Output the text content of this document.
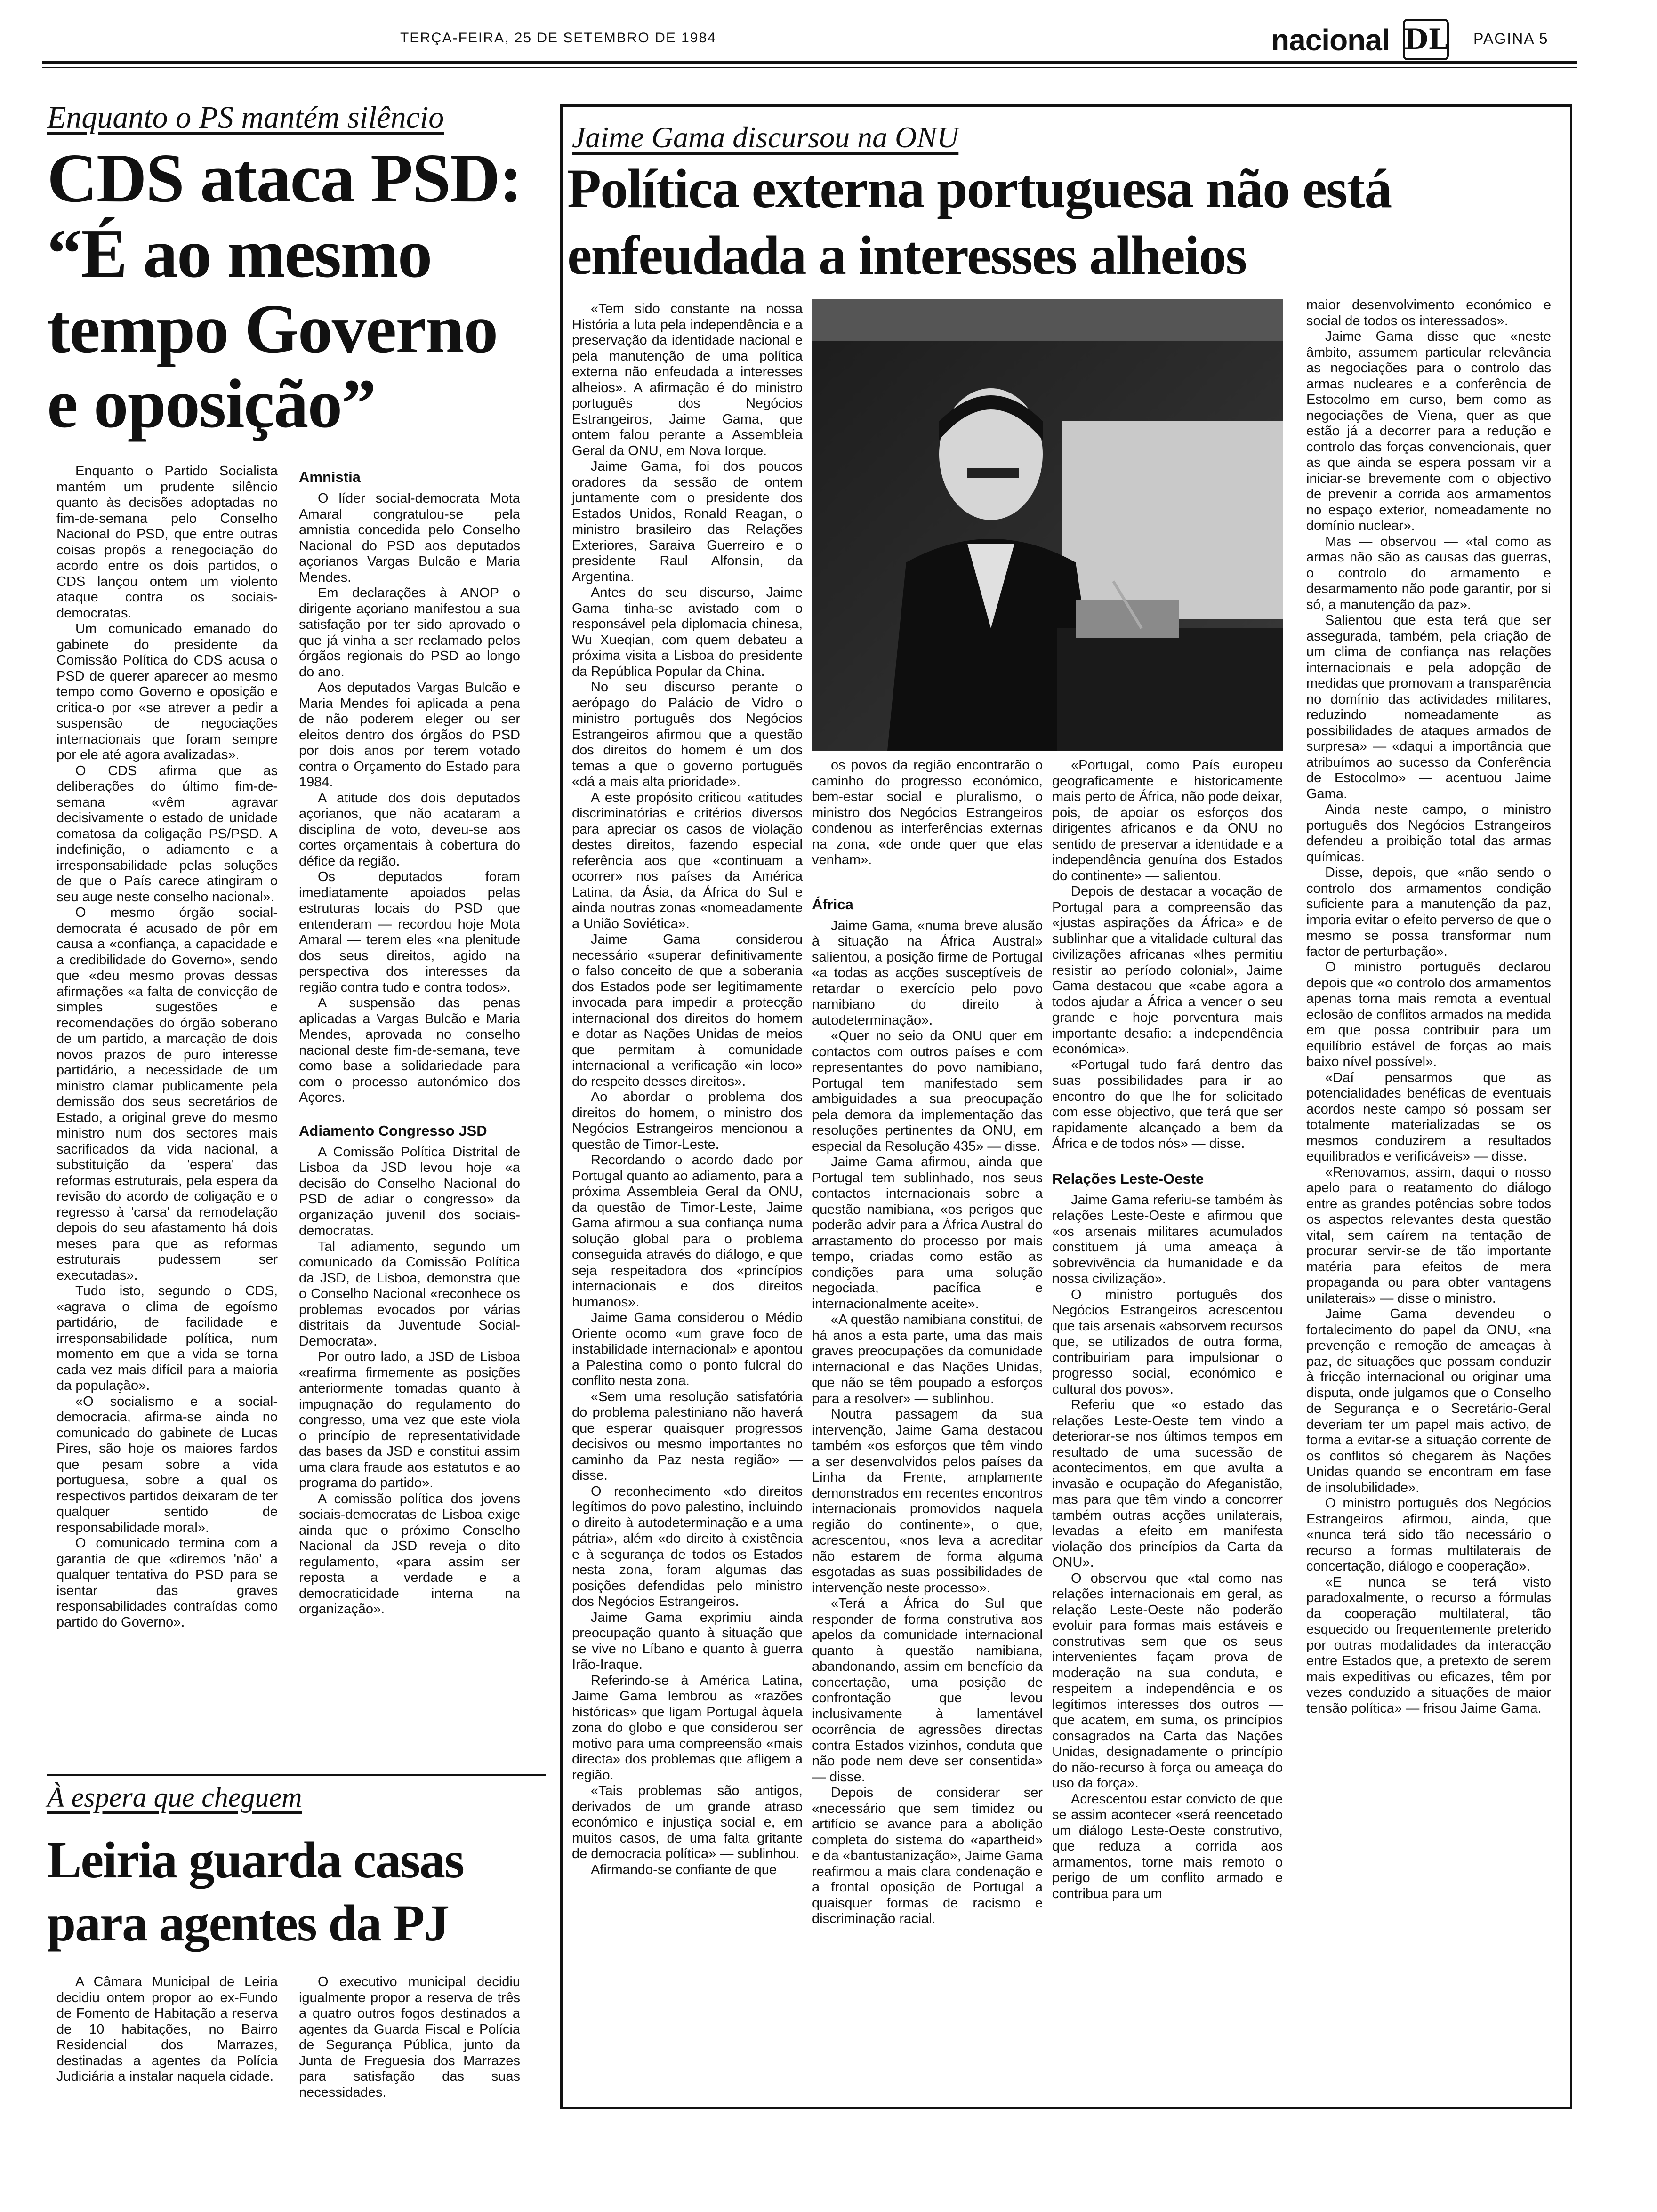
TERÇA-FEIRA, 25 DE SETEMBRO DE 1984	nacional DL PAGINA 5
Enquanto o PS mantém silêncio
CDS ataca PSD:
“É ao mesmo
tempo Governo
e oposição”

Enquanto o Partido Socialista mantém um prudente silêncio quanto às decisões adoptadas no fim-de-semana pelo Conselho Nacional do PSD, que entre outras coisas propôs a renegociação do acordo entre os dois partidos, o CDS lançou ontem um violento ataque contra os sociais-democratas.

Um comunicado emanado do gabinete do presidente da Comissão Política do CDS acusa o PSD de querer aparecer ao mesmo tempo como Governo e oposição e critica-o por «se atrever a pedir a suspensão de negociações internacionais que foram sempre por ele até agora avalizadas».

O CDS afirma que as deliberações do último fim-de-semana «vêm agravar decisivamente o estado de unidade comatosa da coligação PS/PSD. A indefinição, o adiamento e a irresponsabilidade pelas soluções de que o País carece atingiram o seu auge neste conselho nacional».

O mesmo órgão social-democrata é acusado de pôr em causa a «confiança, a capacidade e a credibilidade do Governo», sendo que «deu mesmo provas dessas afirmações «a falta de convicção de simples sugestões e recomendações do órgão soberano de um partido, a marcação de dois novos prazos de puro interesse partidário, a necessidade de um ministro clamar publicamente pela demissão dos seus secretários de Estado, a original greve do mesmo ministro num dos sectores mais sacrificados da vida nacional, a substituição da 'espera' das reformas estruturais, pela espera da revisão do acordo de coligação e o regresso à 'carsa' da remodelação depois do seu afastamento há dois meses para que as reformas estruturais pudessem ser executadas».

Tudo isto, segundo o CDS, «agrava o clima de egoísmo partidário, de facilidade e irresponsabilidade política, num momento em que a vida se torna cada vez mais difícil para a maioria da população».

«O socialismo e a social-democracia, afirma-se ainda no comunicado do gabinete de Lucas Pires, são hoje os maiores fardos que pesam sobre a vida portuguesa, sobre a qual os respectivos partidos deixaram de ter qualquer sentido de responsabilidade moral».

O comunicado termina com a garantia de que «diremos 'não' a qualquer tentativa do PSD para se isentar das graves responsabilidades contraídas como partido do Governo».

Amnistia

O líder social-democrata Mota Amaral congratulou-se pela amnistia concedida pelo Conselho Nacional do PSD aos deputados açorianos Vargas Bulcão e Maria Mendes.

Em declarações à ANOP o dirigente açoriano manifestou a sua satisfação por ter sido aprovado o que já vinha a ser reclamado pelos órgãos regionais do PSD ao longo do ano.

Aos deputados Vargas Bulcão e Maria Mendes foi aplicada a pena de não poderem eleger ou ser eleitos dentro dos órgãos do PSD por dois anos por terem votado contra o Orçamento do Estado para 1984.

A atitude dos dois deputados açorianos, que não acataram a disciplina de voto, deveu-se aos cortes orçamentais à cobertura do défice da região.

Os deputados foram imediatamente apoiados pelas estruturas locais do PSD que entenderam — recordou hoje Mota Amaral — terem eles «na plenitude dos seus direitos, agido na perspectiva dos interesses da região contra tudo e contra todos».

A suspensão das penas aplicadas a Vargas Bulcão e Maria Mendes, aprovada no conselho nacional deste fim-de-semana, teve como base a solidariedade para com o processo autonómico dos Açores.

Adiamento Congresso JSD

A Comissão Política Distrital de Lisboa da JSD levou hoje «a decisão do Conselho Nacional do PSD de adiar o congresso» da organização juvenil dos sociais-democratas.

Tal adiamento, segundo um comunicado da Comissão Política da JSD, de Lisboa, demonstra que o Conselho Nacional «reconhece os problemas evocados por várias distritais da Juventude Social-Democrata».

Por outro lado, a JSD de Lisboa «reafirma firmemente as posições anteriormente tomadas quanto à impugnação do regulamento do congresso, uma vez que este viola o princípio de representatividade das bases da JSD e constitui assim uma clara fraude aos estatutos e ao programa do partido».

A comissão política dos jovens sociais-democratas de Lisboa exige ainda que o próximo Conselho Nacional da JSD reveja o dito regulamento, «para assim ser reposta a verdade e a democraticidade interna na organização».

À espera que cheguem
Leiria guarda casas
para agentes da PJ

A Câmara Municipal de Leiria decidiu ontem propor ao ex-Fundo de Fomento de Habitação a reserva de 10 habitações, no Bairro Residencial dos Marrazes, destinadas a agentes da Polícia Judiciária a instalar naquela cidade.

O executivo municipal decidiu igualmente propor a reserva de três a quatro outros fogos destinados a agentes da Guarda Fiscal e Polícia de Segurança Pública, junto da Junta de Freguesia dos Marrazes para satisfação das suas necessidades.

Jaime Gama discursou na ONU
Política externa portuguesa não está
enfeudada a interesses alheios

«Tem sido constante na nossa História a luta pela independência e a preservação da identidade nacional e pela manutenção de uma política externa não enfeudada a interesses alheios». A afirmação é do ministro português dos Negócios Estrangeiros, Jaime Gama, que ontem falou perante a Assembleia Geral da ONU, em Nova Iorque.

Jaime Gama, foi dos poucos oradores da sessão de ontem juntamente com o presidente dos Estados Unidos, Ronald Reagan, o ministro brasileiro das Relações Exteriores, Saraiva Guerreiro e o presidente Raul Alfonsin, da Argentina.

Antes do seu discurso, Jaime Gama tinha-se avistado com o responsável pela diplomacia chinesa, Wu Xueqian, com quem debateu a próxima visita a Lisboa do presidente da República Popular da China.

No seu discurso perante o aerópago do Palácio de Vidro o ministro português dos Negócios Estrangeiros afirmou que a questão dos direitos do homem é um dos temas a que o governo português «dá a mais alta prioridade».

A este propósito criticou «atitudes discriminatórias e critérios diversos para apreciar os casos de violação destes direitos, fazendo especial referência aos que «continuam a ocorrer» nos países da América Latina, da Ásia, da África do Sul e ainda noutras zonas «nomeadamente a União Soviética».

Jaime Gama considerou necessário «superar definitivamente o falso conceito de que a soberania dos Estados pode ser legitimamente invocada para impedir a protecção internacional dos direitos do homem e dotar as Nações Unidas de meios que permitam à comunidade internacional a verificação «in loco» do respeito desses direitos».

Ao abordar o problema dos direitos do homem, o ministro dos Negócios Estrangeiros mencionou a questão de Timor-Leste.

Recordando o acordo dado por Portugal quanto ao adiamento, para a próxima Assembleia Geral da ONU, da questão de Timor-Leste, Jaime Gama afirmou a sua confiança numa solução global para o problema conseguida através do diálogo, e que seja respeitadora dos «princípios internacionais e dos direitos humanos».

Jaime Gama considerou o Médio Oriente ocomo «um grave foco de instabilidade internacional» e apontou a Palestina como o ponto fulcral do conflito nesta zona.

«Sem uma resolução satisfatória do problema palestiniano não haverá que esperar quaisquer progressos decisivos ou mesmo importantes no caminho da Paz nesta região» — disse.

O reconhecimento «do direitos legítimos do povo palestino, incluindo o direito à autodeterminação e a uma pátria», além «do direito à existência e à segurança de todos os Estados nesta zona, foram algumas das posições defendidas pelo ministro dos Negócios Estrangeiros.

Jaime Gama exprimiu ainda preocupação quanto à situação que se vive no Líbano e quanto à guerra Irão-Iraque.

Referindo-se à América Latina, Jaime Gama lembrou as «razões históricas» que ligam Portugal àquela zona do globo e que considerou ser motivo para uma compreensão «mais directa» dos problemas que afligem a região.

«Tais problemas são antigos, derivados de um grande atraso económico e injustiça social e, em muitos casos, de uma falta gritante de democracia política» — sublinhou.

Afirmando-se confiante de que

os povos da região encontrarão o caminho do progresso económico, bem-estar social e pluralismo, o ministro dos Negócios Estrangeiros condenou as interferências externas na zona, «de onde quer que elas venham».

África

Jaime Gama, «numa breve alusão à situação na África Austral» salientou, a posição firme de Portugal «a todas as acções susceptíveis de retardar o exercício pelo povo namibiano do direito à autodeterminação».

«Quer no seio da ONU quer em contactos com outros países e com representantes do povo namibiano, Portugal tem manifestado sem ambiguidades a sua preocupação pela demora da implementação das resoluções pertinentes da ONU, em especial da Resolução 435» — disse.

Jaime Gama afirmou, ainda que Portugal tem sublinhado, nos seus contactos internacionais sobre a questão namibiana, «os perigos que poderão advir para a África Austral do arrastamento do processo por mais tempo, criadas como estão as condições para uma solução negociada, pacífica e internacionalmente aceite».

«A questão namibiana constitui, de há anos a esta parte, uma das mais graves preocupações da comunidade internacional e das Nações Unidas, que não se têm poupado a esforços para a resolver» — sublinhou.

Noutra passagem da sua intervenção, Jaime Gama destacou também «os esforços que têm vindo a ser desenvolvidos pelos países da Linha da Frente, amplamente demonstrados em recentes encontros internacionais promovidos naquela região do continente», o que, acrescentou, «nos leva a acreditar não estarem de forma alguma esgotadas as suas possibilidades de intervenção neste processo».

«Terá a África do Sul que responder de forma construtiva aos apelos da comunidade internacional quanto à questão namibiana, abandonando, assim em benefício da concertação, uma posição de confrontação que levou inclusivamente à lamentável ocorrência de agressões directas contra Estados vizinhos, conduta que não pode nem deve ser consentida» — disse.

Depois de considerar ser «necessário que sem timidez ou artifício se avance para a abolição completa do sistema do «apartheid» e da «bantustanização», Jaime Gama reafirmou a mais clara condenação e a frontal oposição de Portugal a quaisquer formas de racismo e discriminação racial.

«Portugal, como País europeu geograficamente e historicamente mais perto de África, não pode deixar, pois, de apoiar os esforços dos dirigentes africanos e da ONU no sentido de preservar a identidade e a independência genuína dos Estados do continente» — salientou.

Depois de destacar a vocação de Portugal para a compreensão das «justas aspirações da África» e de sublinhar que a vitalidade cultural das civilizações africanas «lhes permitiu resistir ao período colonial», Jaime Gama destacou que «cabe agora a todos ajudar a África a vencer o seu grande e hoje porventura mais importante desafio: a independência económica».

«Portugal tudo fará dentro das suas possibilidades para ir ao encontro do que lhe for solicitado com esse objectivo, que terá que ser rapidamente alcançado a bem da África e de todos nós» — disse.

Relações Leste-Oeste

Jaime Gama referiu-se também às relações Leste-Oeste e afirmou que «os arsenais militares acumulados constituem já uma ameaça à sobrevivência da humanidade e da nossa civilização».

O ministro português dos Negócios Estrangeiros acrescentou que tais arsenais «absorvem recursos que, se utilizados de outra forma, contribuiriam para impulsionar o progresso social, económico e cultural dos povos».

Referiu que «o estado das relações Leste-Oeste tem vindo a deteriorar-se nos últimos tempos em resultado de uma sucessão de acontecimentos, em que avulta a invasão e ocupação do Afeganistão, mas para que têm vindo a concorrer também outras acções unilaterais, levadas a efeito em manifesta violação dos princípios da Carta da ONU».

O observou que «tal como nas relações internacionais em geral, as relação Leste-Oeste não poderão evoluir para formas mais estáveis e construtivas sem que os seus intervenientes façam prova de moderação na sua conduta, e respeitem a independência e os legítimos interesses dos outros — que acatem, em suma, os princípios consagrados na Carta das Nações Unidas, designadamente o princípio do não-recurso à força ou ameaça do uso da força».

Acrescentou estar convicto de que se assim acontecer «será reencetado um diálogo Leste-Oeste construtivo, que reduza a corrida aos armamentos, torne mais remoto o perigo de um conflito armado e contribua para um

maior desenvolvimento económico e social de todos os interessados».

Jaime Gama disse que «neste âmbito, assumem particular relevância as negociações para o controlo das armas nucleares e a conferência de Estocolmo em curso, bem como as negociações de Viena, quer as que estão já a decorrer para a redução e controlo das forças convencionais, quer as que ainda se espera possam vir a iniciar-se brevemente com o objectivo de prevenir a corrida aos armamentos no espaço exterior, nomeadamente no domínio nuclear».

Mas — observou — «tal como as armas não são as causas das guerras, o controlo do armamento e desarmamento não pode garantir, por si só, a manutenção da paz».

Salientou que esta terá que ser assegurada, também, pela criação de um clima de confiança nas relações internacionais e pela adopção de medidas que promovam a transparência no domínio das actividades militares, reduzindo nomeadamente as possibilidades de ataques armados de surpresa» — «daqui a importância que atribuímos ao sucesso da Conferência de Estocolmo» — acentuou Jaime Gama.

Ainda neste campo, o ministro português dos Negócios Estrangeiros defendeu a proibição total das armas químicas.

Disse, depois, que «não sendo o controlo dos armamentos condição suficiente para a manutenção da paz, imporia evitar o efeito perverso de que o mesmo se possa transformar num factor de perturbação».

O ministro português declarou depois que «o controlo dos armamentos apenas torna mais remota a eventual eclosão de conflitos armados na medida em que possa contribuir para um equilíbrio estável de forças ao mais baixo nível possível».

«Daí pensarmos que as potencialidades benéficas de eventuais acordos neste campo só possam ser totalmente materializadas se os mesmos conduzirem a resultados equilibrados e verificáveis» — disse.

«Renovamos, assim, daqui o nosso apelo para o reatamento do diálogo entre as grandes potências sobre todos os aspectos relevantes desta questão vital, sem caírem na tentação de procurar servir-se de tão importante matéria para efeitos de mera propaganda ou para obter vantagens unilaterais» — disse o ministro.

Jaime Gama devendeu o fortalecimento do papel da ONU, «na prevenção e remoção de ameaças à paz, de situações que possam conduzir à fricção internacional ou originar uma disputa, onde julgamos que o Conselho de Segurança e o Secretário-Geral deveriam ter um papel mais activo, de forma a evitar-se a situação corrente de os conflitos só chegarem às Nações Unidas quando se encontram em fase de insolubilidade».

O ministro português dos Negócios Estrangeiros afirmou, ainda, que «nunca terá sido tão necessário o recurso a formas multilaterais de concertação, diálogo e cooperação».

«E nunca se terá visto paradoxalmente, o recurso a fórmulas da cooperação multilateral, tão esquecido ou frequentemente preterido por outras modalidades da interacção entre Estados que, a pretexto de serem mais expeditivas ou eficazes, têm por vezes conduzido a situações de maior tensão política» — frisou Jaime Gama.
